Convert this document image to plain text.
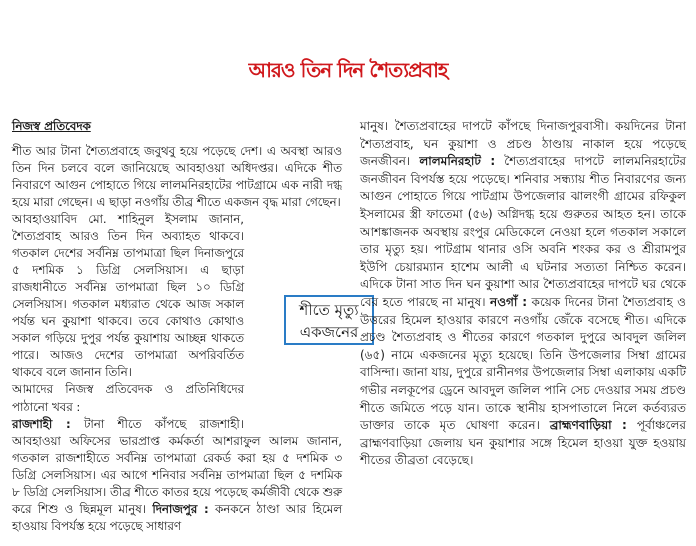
আরও তিন দিন শৈত্যপ্রবাহ
নিজস্ব প্রতিবেদক

শীত আর টানা শৈত্যপ্রবাহে জবুথবু হয়ে পড়েছে দেশ। এ অবস্থা আরও তিন দিন চলবে বলে জানিয়েছে আবহাওয়া অধিদপ্তর। এদিকে শীত নিবারণে আগুন পোহাতে গিয়ে লালমনিরহাটের পাটগ্রামে এক নারী দগ্ধ হয়ে মারা গেছেন। এ ছাড়া নওগাঁয় তীব্র শীতে একজন বৃদ্ধ মারা গেছেন।

আবহাওয়াবিদ মো. শাহিনুল ইসলাম জানান, শৈত্যপ্রবাহ আরও তিন দিন অব্যাহত থাকবে। গতকাল দেশের সর্বনিম্ন তাপমাত্রা ছিল দিনাজপুরে ৫ দশমিক ১ ডিগ্রি সেলসিয়াস। এ ছাড়া রাজধানীতে সর্বনিম্ন তাপমাত্রা ছিল ১০ ডিগ্রি সেলসিয়াস। গতকাল মধ্যরাত থেকে আজ সকাল পর্যন্ত ঘন কুয়াশা থাকবে। তবে কোথাও কোথাও সকাল গড়িয়ে দুপুর পর্যন্ত কুয়াশায় আচ্ছন্ন থাকতে পারে। আজও দেশের তাপমাত্রা অপরিবর্তিত থাকবে বলে জানান তিনি।

আমাদের নিজস্ব প্রতিবেদক ও প্রতিনিধিদের পাঠানো খবর :

রাজশাহী : টানা শীতে কাঁপছে রাজশাহী। আবহাওয়া অফিসের ভারপ্রাপ্ত কর্মকর্তা আশরাফুল আলম জানান, গতকাল রাজশাহীতে সর্বনিম্ন তাপমাত্রা রেকর্ড করা হয় ৫ দশমিক ৩ ডিগ্রি সেলসিয়াস। এর আগে শনিবার সর্বনিম্ন তাপমাত্রা ছিল ৫ দশমিক ৮ ডিগ্রি সেলসিয়াস। তীব্র শীতে কাতর হয়ে পড়েছে কর্মজীবী থেকে শুরু করে শিশু ও ছিন্নমূল মানুষ। দিনাজপুর : কনকনে ঠাণ্ডা আর হিমেল হাওয়ায় বিপর্যস্ত হয়ে পড়েছে সাধারণ

শীতে মৃত্যু
একজনের

মানুষ। শৈত্যপ্রবাহের দাপটে কাঁপছে দিনাজপুরবাসী। কয়দিনের টানা শৈত্যপ্রবাহ, ঘন কুয়াশা ও প্রচণ্ড ঠাণ্ডায় নাকাল হয়ে পড়েছে জনজীবন। লালমনিরহাট : শৈত্যপ্রবাহের দাপটে লালমনিরহাটের জনজীবন বিপর্যস্ত হয়ে পড়েছে। শনিবার সন্ধ্যায় শীত নিবারণের জন্য আগুন পোহাতে গিয়ে পাটগ্রাম উপজেলার ঝালংগী গ্রামের রফিকুল ইসলামের স্ত্রী ফাতেমা (৫৬) অগ্নিদগ্ধ হয়ে গুরুতর আহত হন। তাকে আশঙ্কাজনক অবস্থায় রংপুর মেডিকেলে নেওয়া হলে গতকাল সকালে তার মৃত্যু হয়। পাটগ্রাম থানার ওসি অবনি শংকর কর ও শ্রীরামপুর ইউপি চেয়ারম্যান হাশেম আলী এ ঘটনার সত্যতা নিশ্চিত করেন। এদিকে টানা সাত দিন ঘন কুয়াশা আর শৈত্যপ্রবাহের দাপটে ঘর থেকে বের হতে পারছে না মানুষ। নওগাঁ : কয়েক দিনের টানা শৈত্যপ্রবাহ ও উত্তরের হিমেল হাওয়ার কারণে নওগাঁয় জেঁকে বসেছে শীত। এদিকে প্রচণ্ড শৈত্যপ্রবাহ ও শীতের কারণে গতকাল দুপুরে আবদুল জলিল (৬৫) নামে একজনের মৃত্যু হয়েছে। তিনি উপজেলার সিম্বা গ্রামের বাসিন্দা। জানা যায়, দুপুরে রানীনগর উপজেলার সিম্বা এলাকায় একটি গভীর নলকূপের ড্রেনে আবদুল জলিল পানি সেচ দেওয়ার সময় প্রচণ্ড শীতে জমিতে পড়ে যান। তাকে স্থানীয় হাসপাতালে নিলে কর্তব্যরত ডাক্তার তাকে মৃত ঘোষণা করেন। ব্রাহ্মণবাড়িয়া : পূর্বাঞ্চলের ব্রাহ্মণবাড়িয়া জেলায় ঘন কুয়াশার সঙ্গে হিমেল হাওয়া যুক্ত হওয়ায় শীতের তীব্রতা বেড়েছে।
